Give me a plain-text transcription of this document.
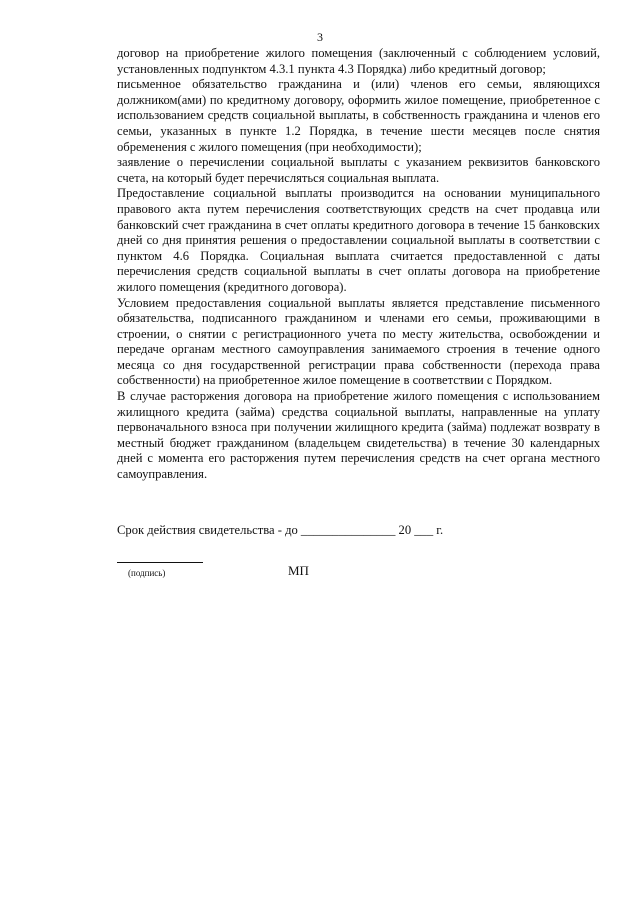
3

договор на приобретение жилого помещения (заключенный с соблюдением условий, установленных подпунктом 4.3.1 пункта 4.3 Порядка) либо кредитный договор;

письменное обязательство гражданина и (или) членов его семьи, являющихся должником(ами) по кредитному договору, оформить жилое помещение, приобретенное с использованием средств социальной выплаты, в собственность гражданина и членов его семьи, указанных в пункте 1.2 Порядка, в течение шести месяцев после снятия обременения с жилого помещения (при необходимости);

заявление о перечислении социальной выплаты с указанием реквизитов банковского счета, на который будет перечисляться социальная выплата.

Предоставление социальной выплаты производится на основании муниципального правового акта путем перечисления соответствующих средств на счет продавца или банковский счет гражданина в счет оплаты кредитного договора в течение 15 банковских дней со дня принятия решения о предоставлении социальной выплаты в соответствии с пунктом 4.6 Порядка. Социальная выплата считается предоставленной с даты перечисления средств социальной выплаты в счет оплаты договора на приобретение жилого помещения (кредитного договора).

Условием предоставления социальной выплаты является представление письменного обязательства, подписанного гражданином и членами его семьи, проживающими в строении, о снятии с регистрационного учета по месту жительства, освобождении и передаче органам местного самоуправления занимаемого строения в течение одного месяца со дня государственной регистрации права собственности (перехода права собственности) на приобретенное жилое помещение в соответствии с Порядком.

В случае расторжения договора на приобретение жилого помещения с использованием жилищного кредита (займа) средства социальной выплаты, направленные на уплату первоначального взноса при получении жилищного кредита (займа) подлежат возврату в местный бюджет гражданином (владельцем свидетельства) в течение 30 календарных дней с момента его расторжения путем перечисления средств на счет органа местного самоуправления.

Срок действия свидетельства - до _______________ 20 ___ г.
(подпись)	МП
